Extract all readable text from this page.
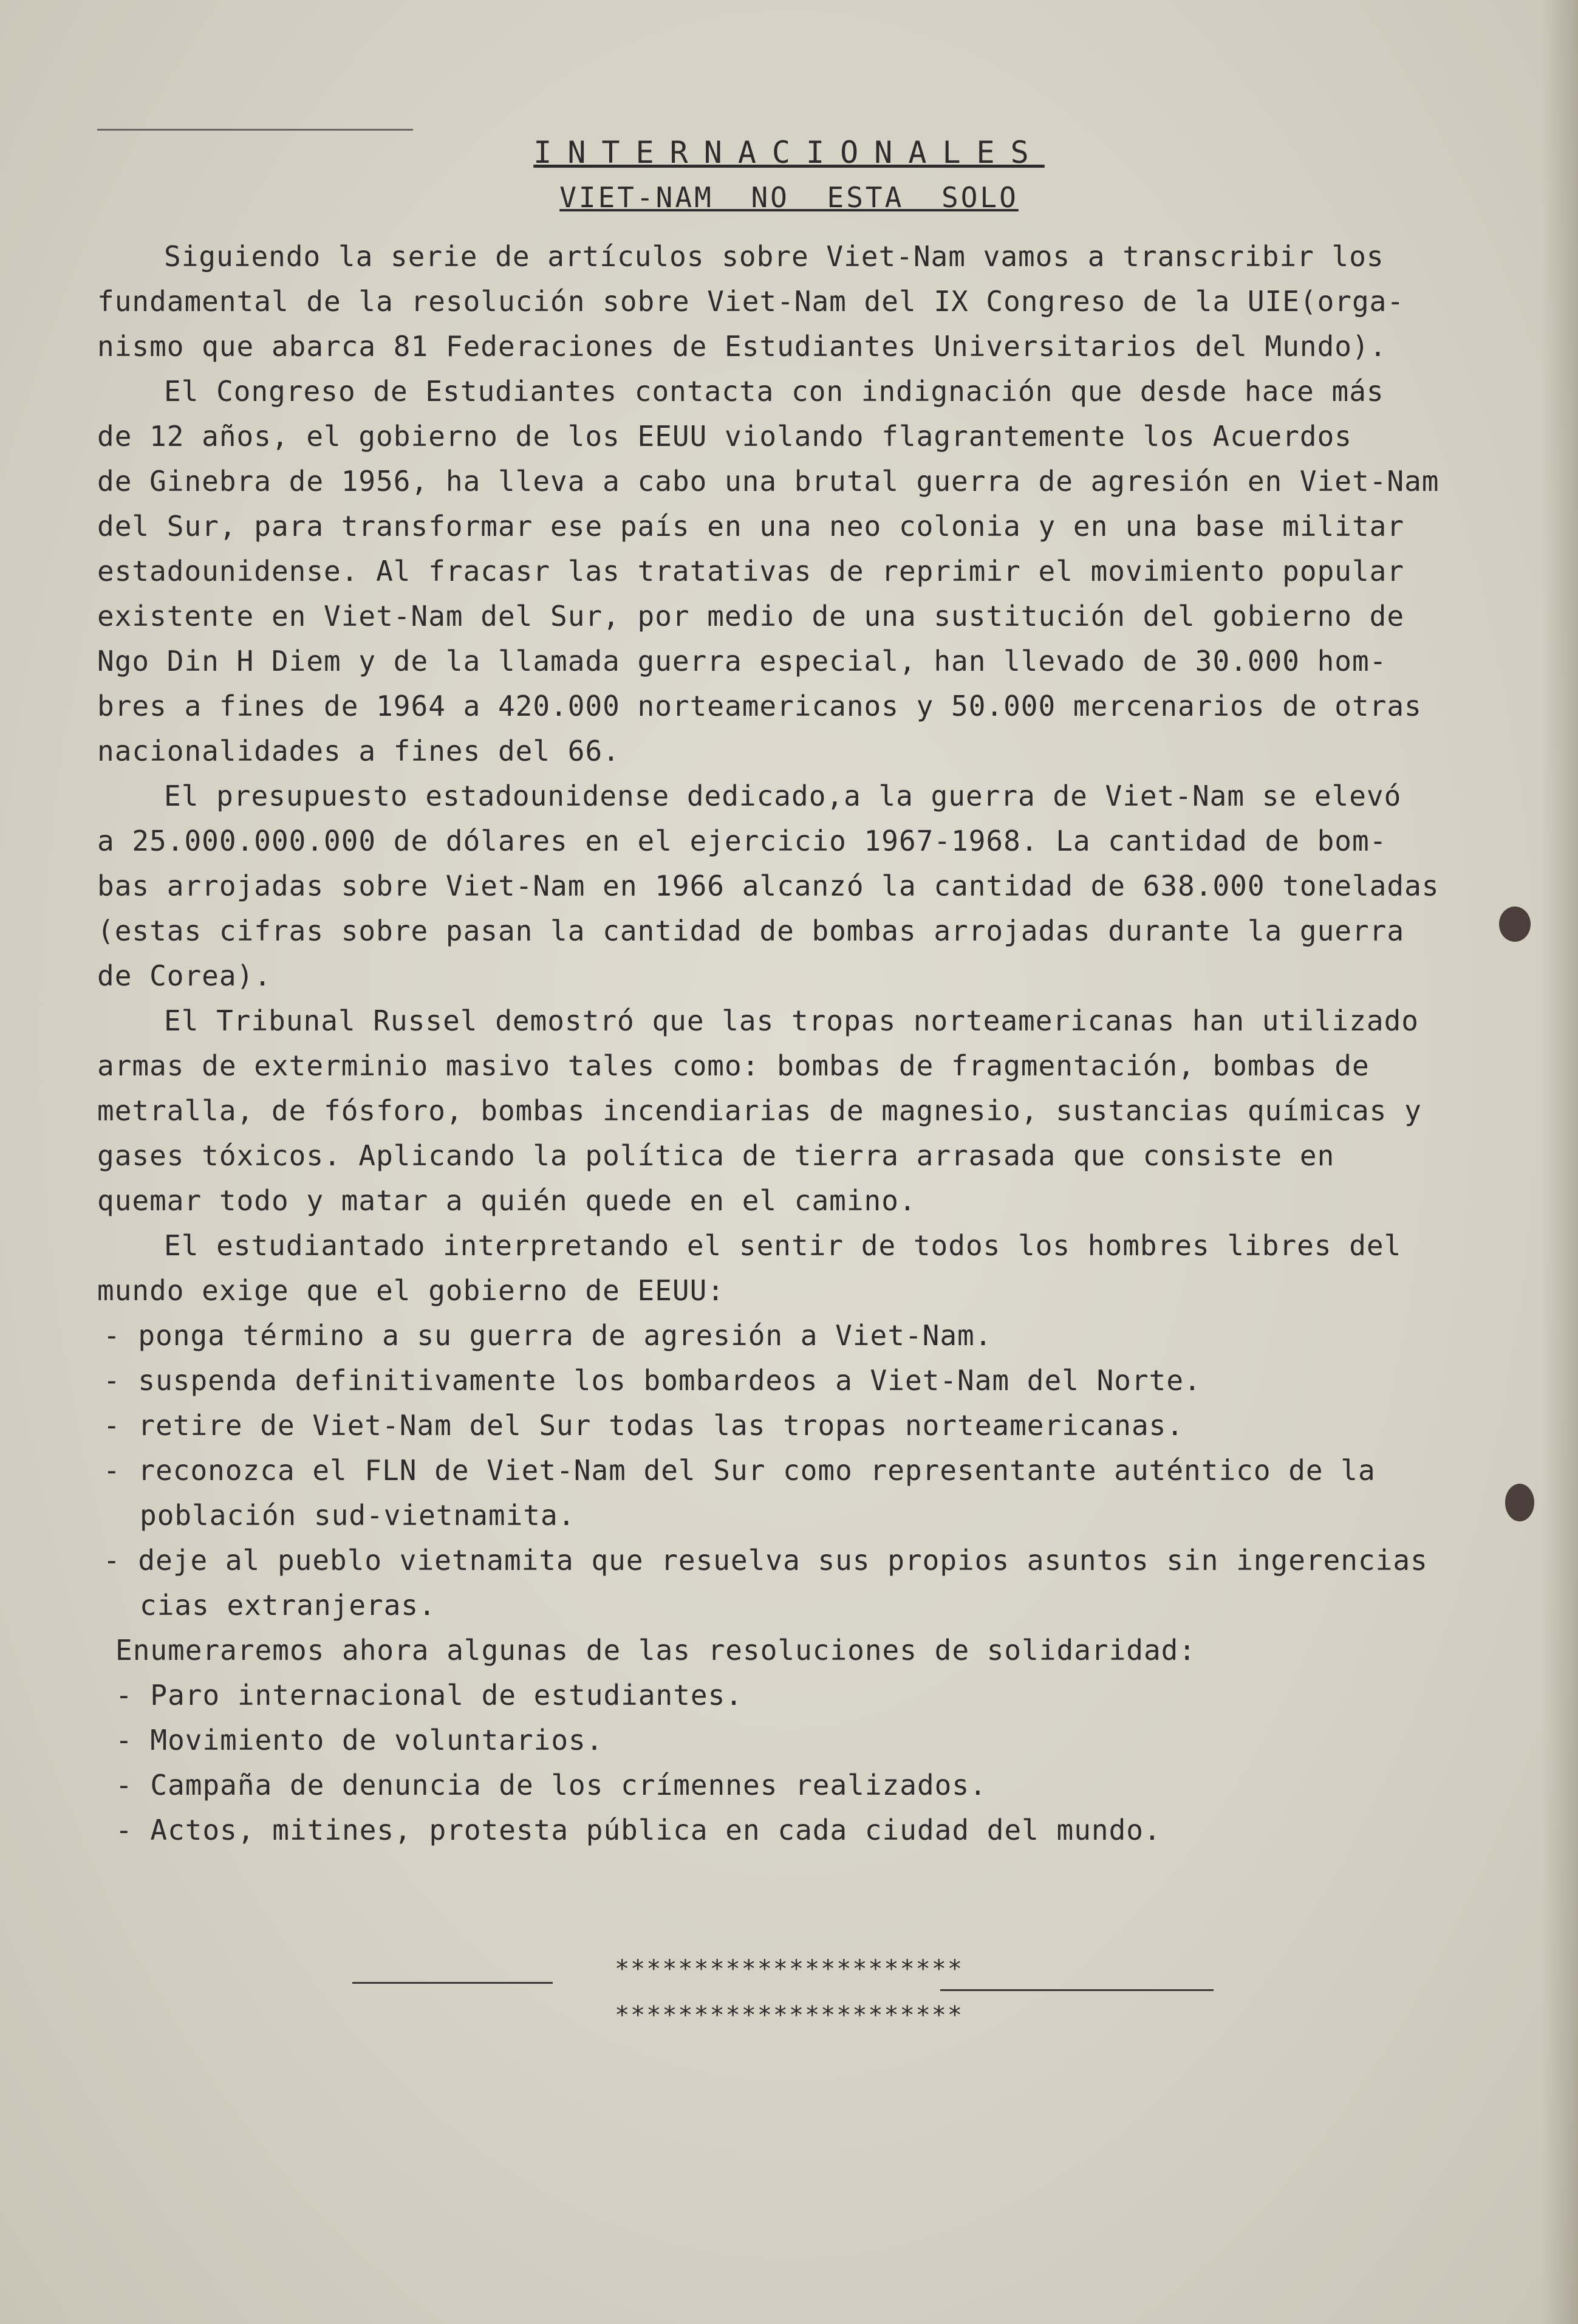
INTERNACIONALES
VIET-NAM NO ESTA SOLO
Siguiendo la serie de artículos sobre Viet-Nam vamos a transcribir los
fundamental de la resolución sobre Viet-Nam del IX Congreso de la UIE(orga-
nismo que abarca 81 Federaciones de Estudiantes Universitarios del Mundo).
El Congreso de Estudiantes contacta con indignación que desde hace más
de 12 años, el gobierno de los EEUU violando flagrantemente los Acuerdos
de Ginebra de 1956, ha lleva a cabo una brutal guerra de agresión en Viet-Nam
del Sur, para transformar ese país en una neo colonia y en una base militar
estadounidense. Al fracasr las tratativas de reprimir el movimiento popular
existente en Viet-Nam del Sur, por medio de una sustitución del gobierno de
Ngo Din H Diem y de la llamada guerra especial, han llevado de 30.000 hom-
bres a fines de 1964 a 420.000 norteamericanos y 50.000 mercenarios de otras
nacionalidades a fines del 66.
El presupuesto estadounidense dedicado,a la guerra de Viet-Nam se elevó
a 25.000.000.000 de dólares en el ejercicio 1967-1968. La cantidad de bom-
bas arrojadas sobre Viet-Nam en 1966 alcanzó la cantidad de 638.000 toneladas
(estas cifras sobre pasan la cantidad de bombas arrojadas durante la guerra
de Corea).
El Tribunal Russel demostró que las tropas norteamericanas han utilizado
armas de exterminio masivo tales como: bombas de fragmentación, bombas de
metralla, de fósforo, bombas incendiarias de magnesio, sustancias químicas y
gases tóxicos. Aplicando la política de tierra arrasada que consiste en
quemar todo y matar a quién quede en el camino.
El estudiantado interpretando el sentir de todos los hombres libres del
mundo exige que el gobierno de EEUU:
- ponga término a su guerra de agresión a Viet-Nam.
- suspenda definitivamente los bombardeos a Viet-Nam del Norte.
- retire de Viet-Nam del Sur todas las tropas norteamericanas.
- reconozca el FLN de Viet-Nam del Sur como representante auténtico de la
población sud-vietnamita.
- deje al pueblo vietnamita que resuelva sus propios asuntos sin ingerencias
cias extranjeras.
Enumeraremos ahora algunas de las resoluciones de solidaridad:
- Paro internacional de estudiantes.
- Movimiento de voluntarios.
- Campaña de denuncia de los crímennes realizados.
- Actos, mitines, protesta pública en cada ciudad del mundo.
**********************
**********************
